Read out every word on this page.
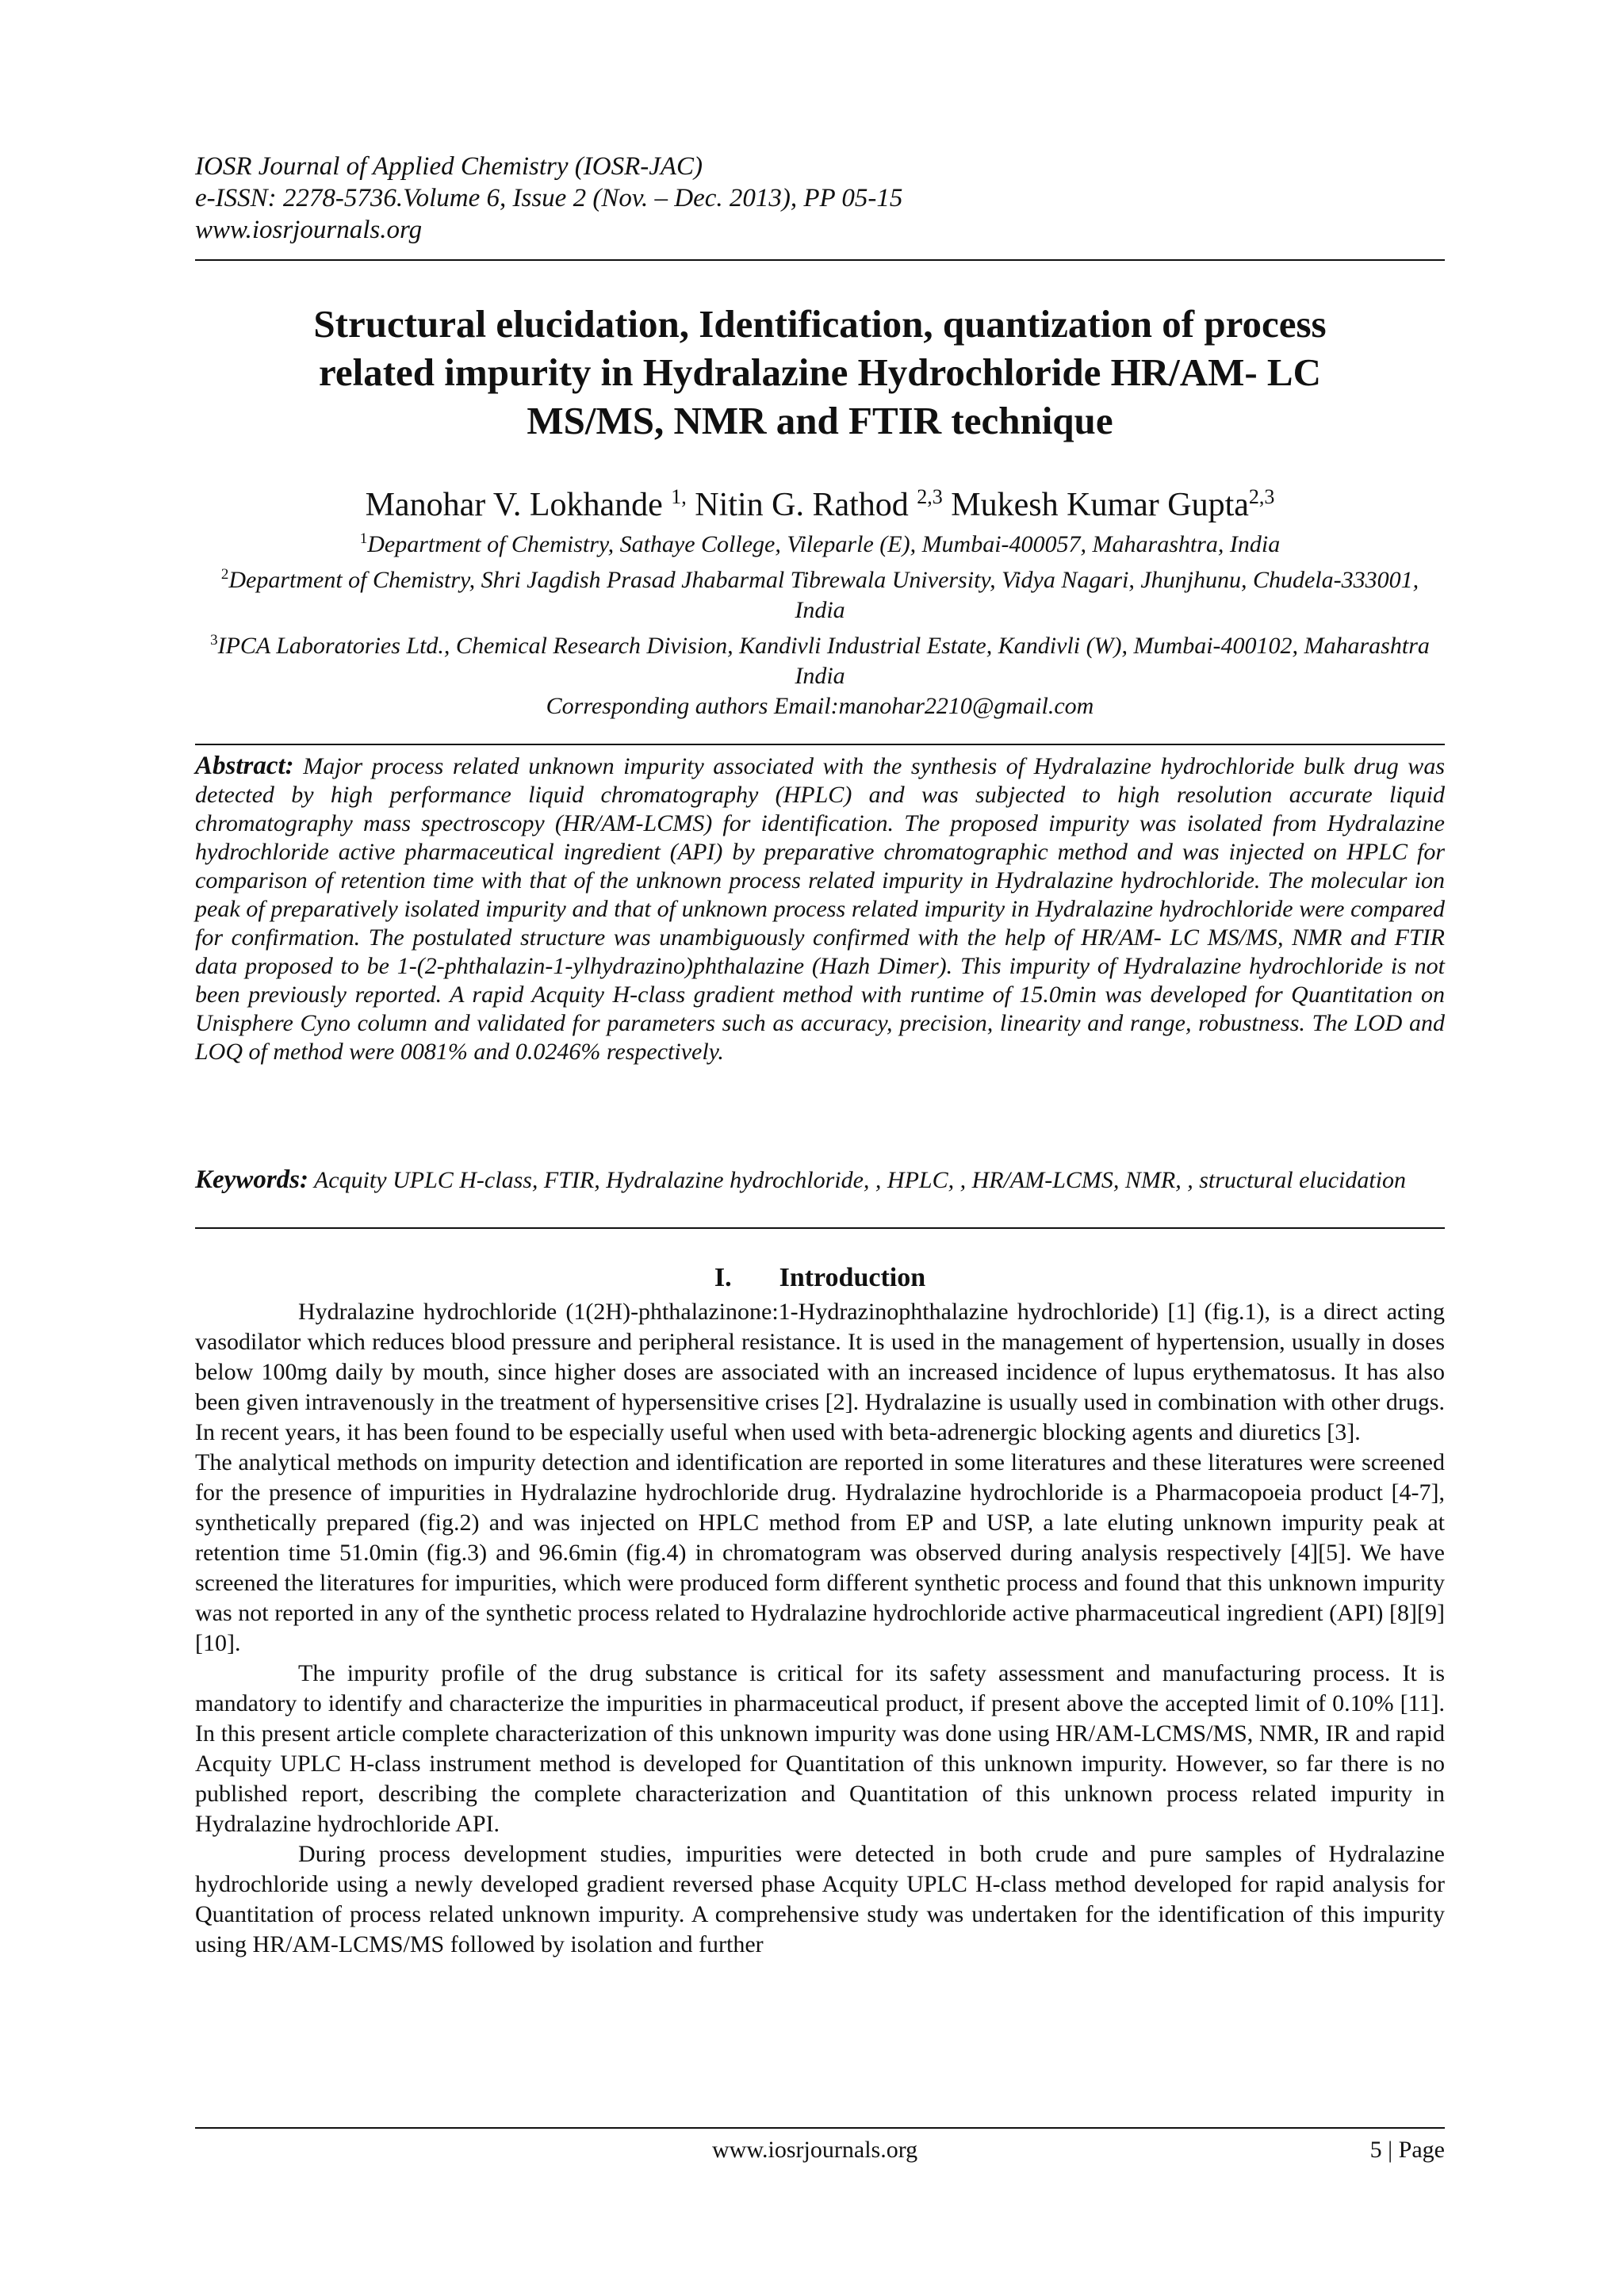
IOSR Journal of Applied Chemistry (IOSR-JAC)
e-ISSN: 2278-5736.Volume 6, Issue 2 (Nov. – Dec. 2013), PP 05-15
www.iosrjournals.org
Structural elucidation, Identification, quantization of process
related impurity in Hydralazine Hydrochloride HR/AM- LC
MS/MS, NMR and FTIR technique
Manohar V. Lokhande $^{1,}$ Nitin G. Rathod $^{2,3}$ Mukesh Kumar Gupta$^{2,3}$
$^1$Department of Chemistry, Sathaye College, Vileparle (E), Mumbai-400057, Maharashtra, India
$^2$Department of Chemistry, Shri Jagdish Prasad Jhabarmal Tibrewala University, Vidya Nagari, Jhunjhunu, Chudela-333001, India
$^3$IPCA Laboratories Ltd., Chemical Research Division, Kandivli Industrial Estate, Kandivli (W), Mumbai-400102, Maharashtra India
Corresponding authors Email:manohar2210@gmail.com
Abstract: Major process related unknown impurity associated with the synthesis of Hydralazine hydrochloride bulk drug was detected by high performance liquid chromatography (HPLC) and was subjected to high resolution accurate liquid chromatography mass spectroscopy (HR/AM-LCMS) for identification. The proposed impurity was isolated from Hydralazine hydrochloride active pharmaceutical ingredient (API) by preparative chromatographic method and was injected on HPLC for comparison of retention time with that of the unknown process related impurity in Hydralazine hydrochloride. The molecular ion peak of preparatively isolated impurity and that of unknown process related impurity in Hydralazine hydrochloride were compared for confirmation. The postulated structure was unambiguously confirmed with the help of HR/AM- LC MS/MS, NMR and FTIR data proposed to be 1-(2-phthalazin-1-ylhydrazino)phthalazine (Hazh Dimer). This impurity of Hydralazine hydrochloride is not been previously reported. A rapid Acquity H-class gradient method with runtime of 15.0min was developed for Quantitation on Unisphere Cyno column and validated for parameters such as accuracy, precision, linearity and range, robustness. The LOD and LOQ of method were 0081% and 0.0246% respectively.
Keywords: Acquity UPLC H-class, FTIR, Hydralazine hydrochloride, , HPLC, , HR/AM-LCMS, NMR, , structural elucidation
I. Introduction

Hydralazine hydrochloride (1(2H)-phthalazinone:1-Hydrazinophthalazine hydrochloride) [1] (fig.1), is a direct acting vasodilator which reduces blood pressure and peripheral resistance. It is used in the management of hypertension, usually in doses below 100mg daily by mouth, since higher doses are associated with an increased incidence of lupus erythematosus. It has also been given intravenously in the treatment of hypersensitive crises [2]. Hydralazine is usually used in combination with other drugs. In recent years, it has been found to be especially useful when used with beta-adrenergic blocking agents and diuretics [3].

The analytical methods on impurity detection and identification are reported in some literatures and these literatures were screened for the presence of impurities in Hydralazine hydrochloride drug. Hydralazine hydrochloride is a Pharmacopoeia product [4-7], synthetically prepared (fig.2) and was injected on HPLC method from EP and USP, a late eluting unknown impurity peak at retention time 51.0min (fig.3) and 96.6min (fig.4) in chromatogram was observed during analysis respectively [4][5]. We have screened the literatures for impurities, which were produced form different synthetic process and found that this unknown impurity was not reported in any of the synthetic process related to Hydralazine hydrochloride active pharmaceutical ingredient (API) [8][9][10].

The impurity profile of the drug substance is critical for its safety assessment and manufacturing process. It is mandatory to identify and characterize the impurities in pharmaceutical product, if present above the accepted limit of 0.10% [11]. In this present article complete characterization of this unknown impurity was done using HR/AM-LCMS/MS, NMR, IR and rapid Acquity UPLC H-class instrument method is developed for Quantitation of this unknown impurity. However, so far there is no published report, describing the complete characterization and Quantitation of this unknown process related impurity in Hydralazine hydrochloride API.

During process development studies, impurities were detected in both crude and pure samples of Hydralazine hydrochloride using a newly developed gradient reversed phase Acquity UPLC H-class method developed for rapid analysis for Quantitation of process related unknown impurity. A comprehensive study was undertaken for the identification of this impurity using HR/AM-LCMS/MS followed by isolation and further

www.iosrjournals.org	5 | Page
